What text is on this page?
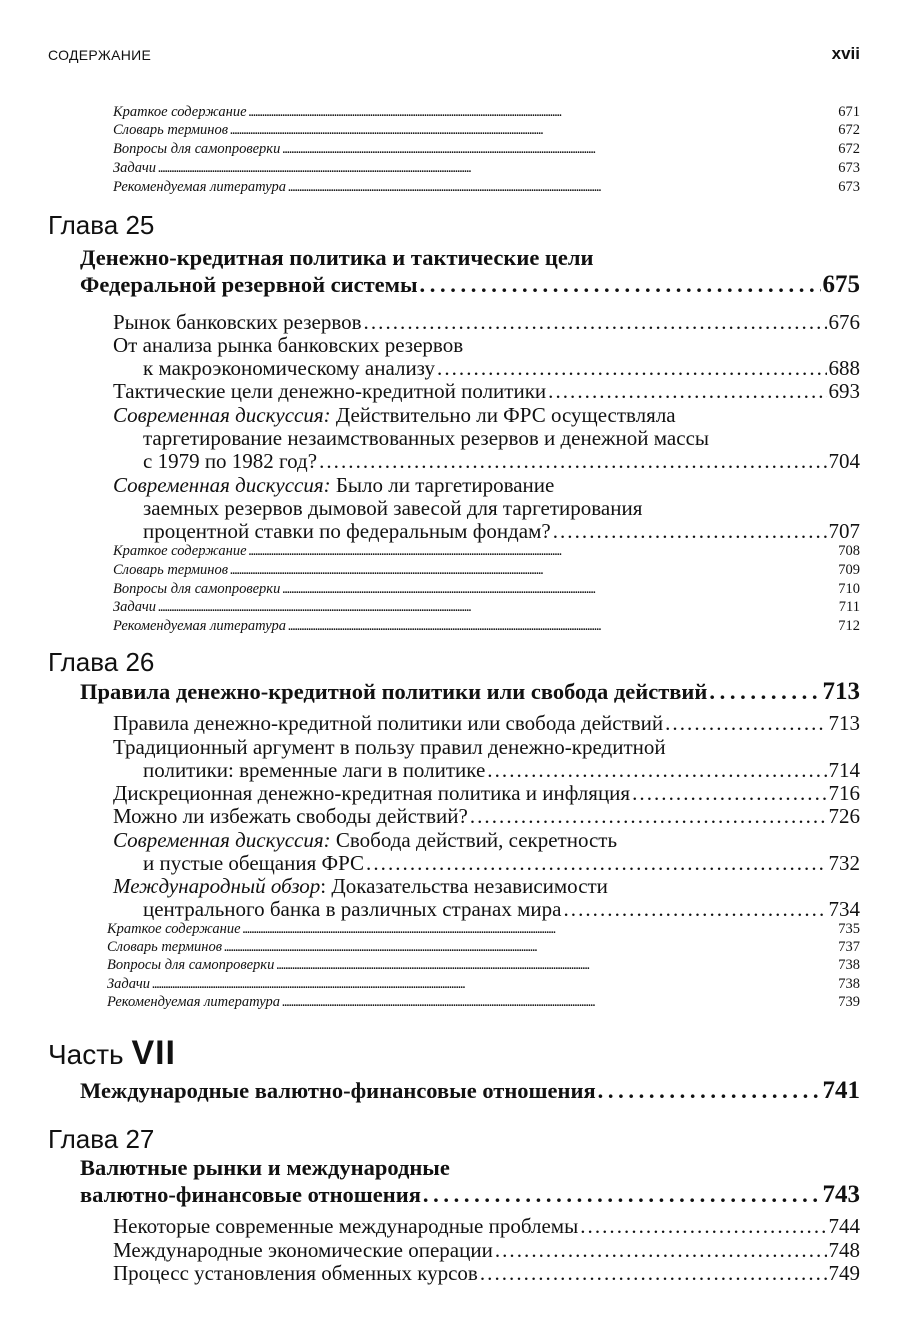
СОДЕРЖАНИЕ	xvii
Краткое содержание . . .	671
Словарь терминов . . .	672
Вопросы для самопроверки . . .	672
Задачи . . .	673
Рекомендуемая литература . . .	673
Глава 25
Денежно-кредитная политика и тактические цели
Федеральной резервной системы . . .	675
Рынок банковских резервов . . .	676
От анализа рынка банковских резервов
к макроэкономическому анализу . . .	688
Тактические цели денежно-кредитной политики . . .	693
Современная дискуссия: Действительно ли ФРС осуществляла
таргетирование незаимствованных резервов и денежной массы
с 1979 по 1982 год? . . .	704
Современная дискуссия: Было ли таргетирование
заемных резервов дымовой завесой для таргетирования
процентной ставки по федеральным фондам? . . .	707
Краткое содержание . . .	708
Словарь терминов . . .	709
Вопросы для самопроверки . . .	710
Задачи . . .	711
Рекомендуемая литература . . .	712
Глава 26
Правила денежно-кредитной политики или свобода действий . . .	713
Правила денежно-кредитной политики или свобода действий . . .	713
Традиционный аргумент в пользу правил денежно-кредитной
политики: временные лаги в политике . . .	714
Дискреционная денежно-кредитная политика и инфляция . . .	716
Можно ли избежать свободы действий? . . .	726
Современная дискуссия: Свобода действий, секретность
и пустые обещания ФРС . . .	732
Международный обзор: Доказательства независимости
центрального банка в различных странах мира . . .	734
Краткое содержание . . .	735
Словарь терминов . . .	737
Вопросы для самопроверки . . .	738
Задачи . . .	738
Рекомендуемая литература . . .	739
Часть VII
Международные валютно-финансовые отношения . . .	741
Глава 27
Валютные рынки и международные
валютно-финансовые отношения . . .	743
Некоторые современные международные проблемы . . .	744
Международные экономические операции . . .	748
Процесс установления обменных курсов . . .	749
